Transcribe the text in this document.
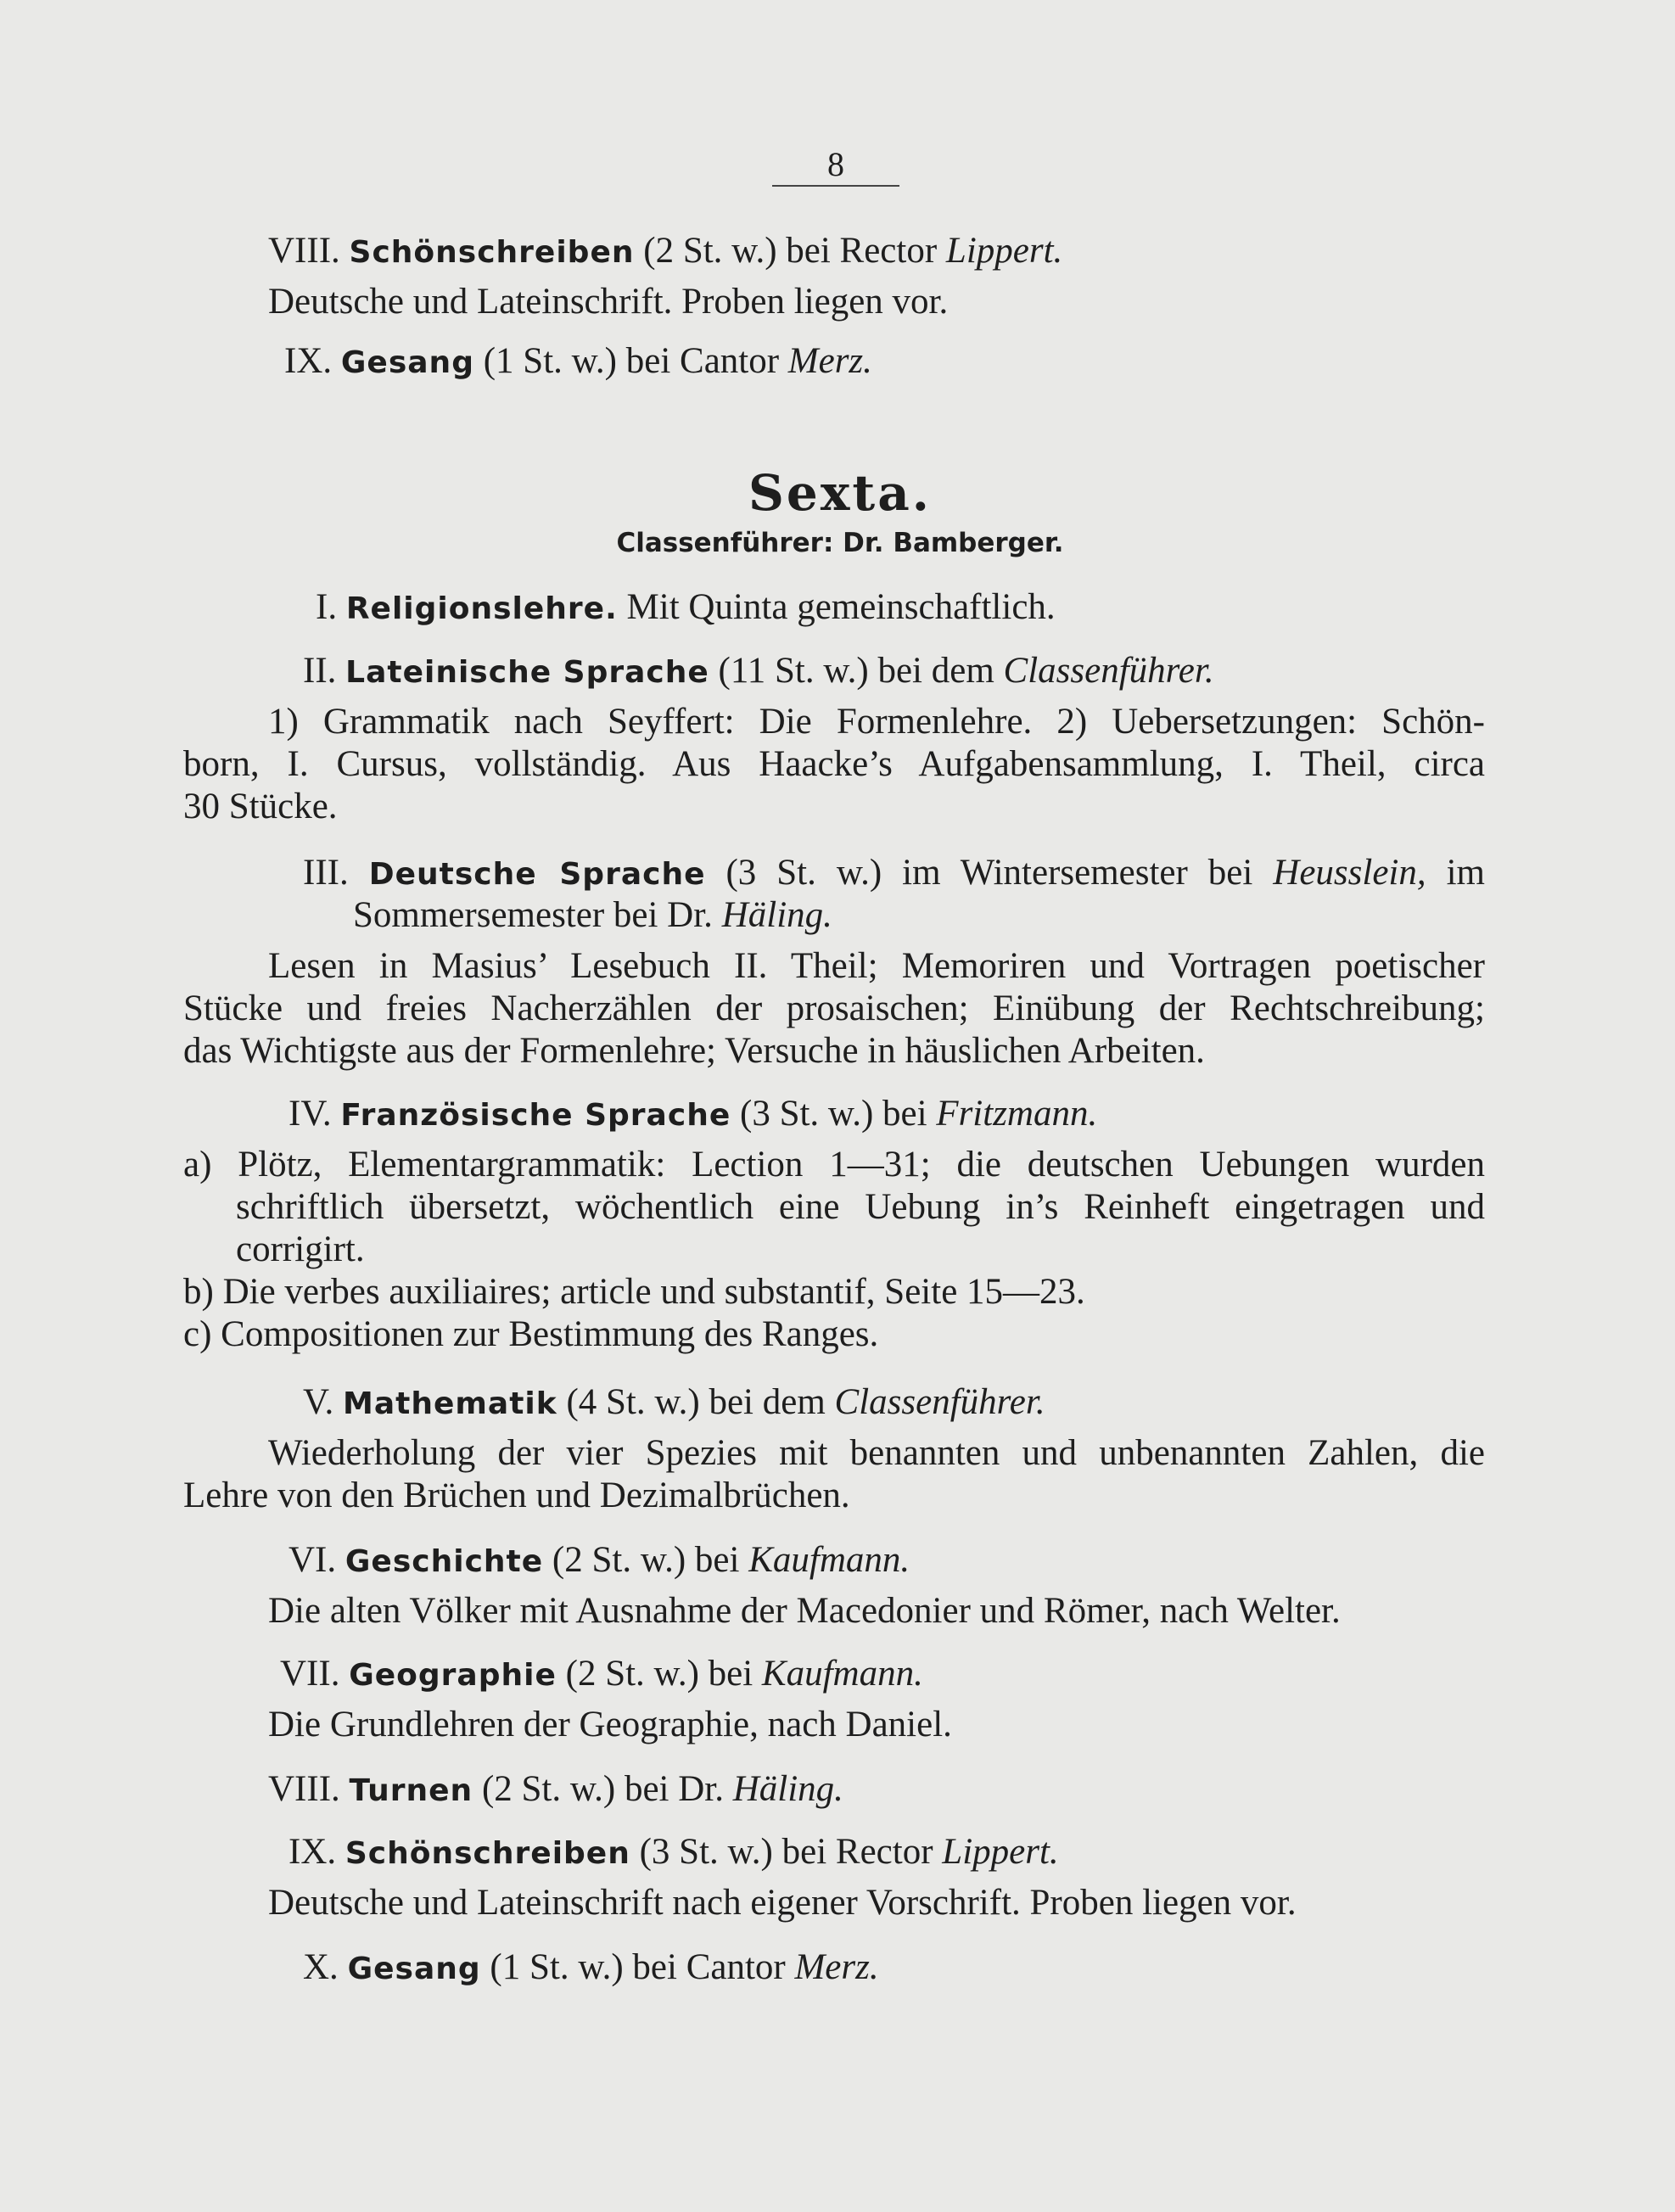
8

VIII. Schönschreiben (2 St. w.) bei Rector Lippert.

Deutsche und Lateinschrift. Proben liegen vor.

IX. Gesang (1 St. w.) bei Cantor Merz.

Sexta.
Classenführer: Dr. Bamberger.

I. Religionslehre. Mit Quinta gemeinschaftlich.

II. Lateinische Sprache (11 St. w.) bei dem Classenführer.

1) Grammatik nach Seyffert: Die Formenlehre. 2) Uebersetzungen: Schön-

born, I. Cursus, vollständig. Aus Haacke’s Aufgabensammlung, I. Theil, circa

30 Stücke.

III. Deutsche Sprache (3 St. w.) im Wintersemester bei Heusslein, im

Sommersemester bei Dr. Häling.

Lesen in Masius’ Lesebuch II. Theil; Memoriren und Vortragen poetischer

Stücke und freies Nacherzählen der prosaischen; Einübung der Rechtschreibung;

das Wichtigste aus der Formenlehre; Versuche in häuslichen Arbeiten.

IV. Französische Sprache (3 St. w.) bei Fritzmann.

a) Plötz, Elementargrammatik: Lection 1—31; die deutschen Uebungen wurden

schriftlich übersetzt, wöchentlich eine Uebung in’s Reinheft eingetragen und

corrigirt.

b) Die verbes auxiliaires; article und substantif, Seite 15—23.

c) Compositionen zur Bestimmung des Ranges.

V. Mathematik (4 St. w.) bei dem Classenführer.

Wiederholung der vier Spezies mit benannten und unbenannten Zahlen, die

Lehre von den Brüchen und Dezimalbrüchen.

VI. Geschichte (2 St. w.) bei Kaufmann.

Die alten Völker mit Ausnahme der Macedonier und Römer, nach Welter.

VII. Geographie (2 St. w.) bei Kaufmann.

Die Grundlehren der Geographie, nach Daniel.

VIII. Turnen (2 St. w.) bei Dr. Häling.

IX. Schönschreiben (3 St. w.) bei Rector Lippert.

Deutsche und Lateinschrift nach eigener Vorschrift. Proben liegen vor.

X. Gesang (1 St. w.) bei Cantor Merz.
